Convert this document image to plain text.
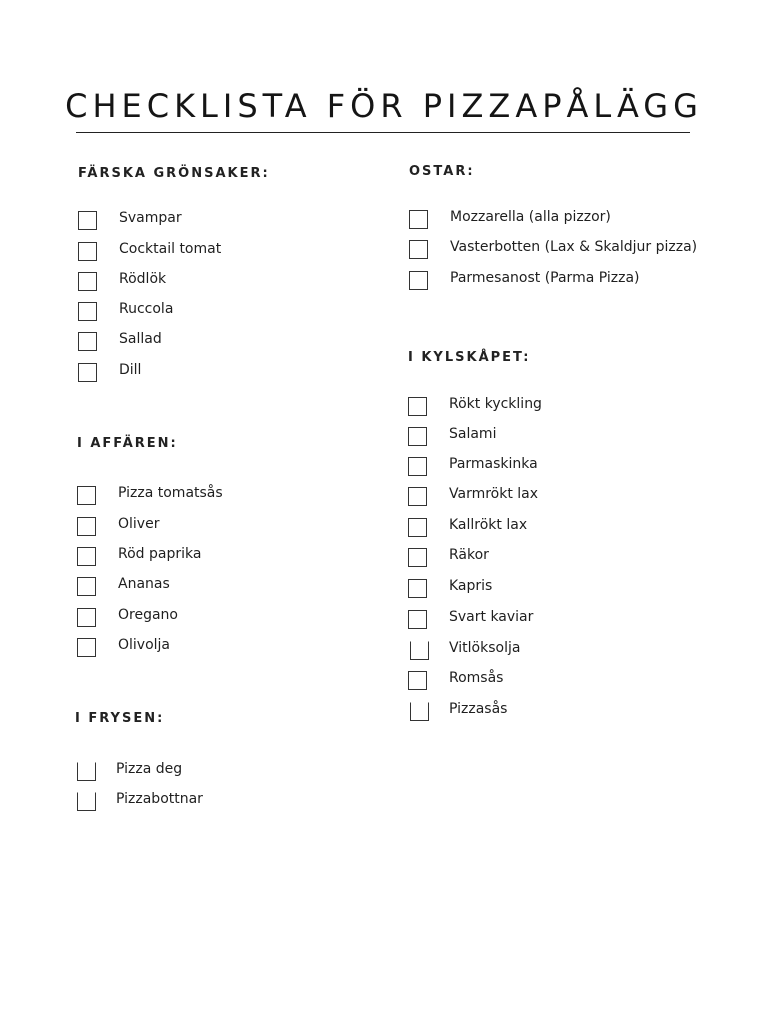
CHECKLISTA FÖR PIZZAPÅLÄGG
FÄRSKA GRÖNSAKER:
Svampar
Cocktail tomat
Rödlök
Ruccola
Sallad
Dill
I AFFÄREN:
Pizza tomatsås
Oliver
Röd paprika
Ananas
Oregano
Olivolja
I FRYSEN:
Pizza deg
Pizzabottnar
OSTAR:
Mozzarella (alla pizzor)
Vasterbotten (Lax & Skaldjur pizza)
Parmesanost (Parma Pizza)
I KYLSKÅPET:
Rökt kyckling
Salami
Parmaskinka
Varmrökt lax
Kallrökt lax
Räkor
Kapris
Svart kaviar
Vitlöksolja
Romsås
Pizzasås
